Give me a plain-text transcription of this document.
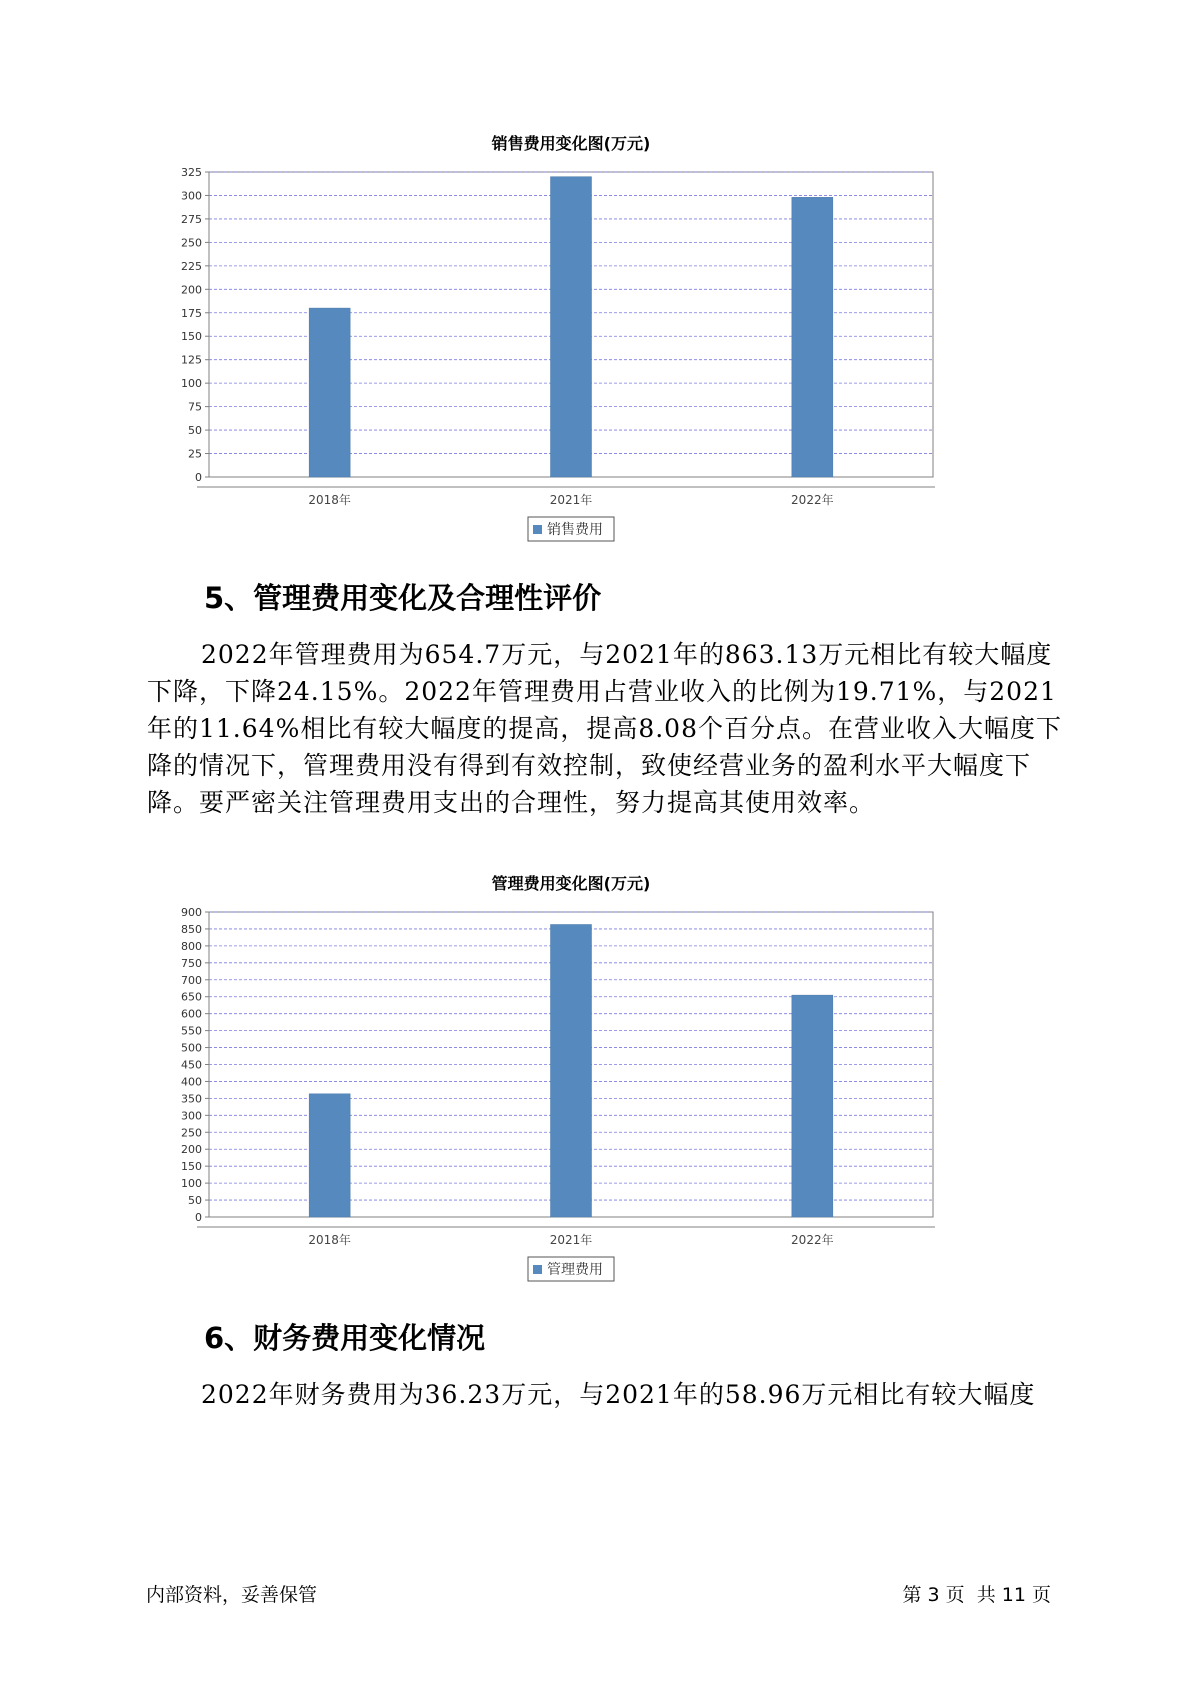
销售费用变化图(万元)
0
25
50
75
100
125
150
175
200
225
250
275
300
325
2018年	2021年	2022年
销售费用
5、管理费用变化及合理性评价

2022年管理费用为654.7万元，与2021年的863.13万元相比有较大幅度下降，下降24.15%。2022年管理费用占营业收入的比例为19.71%，与2021年的11.64%相比有较大幅度的提高，提高8.08个百分点。在营业收入大幅度下降的情况下，管理费用没有得到有效控制，致使经营业务的盈利水平大幅度下降。要严密关注管理费用支出的合理性，努力提高其使用效率。

管理费用变化图(万元)
0
50
100
150
200
250
300
350
400
450
500
550
600
650
700
750
800
850
900
2018年	2021年	2022年
管理费用
6、财务费用变化情况

2022年财务费用为36.23万元，与2021年的58.96万元相比有较大幅度

内部资料，妥善保管	第 3 页  共 11 页
